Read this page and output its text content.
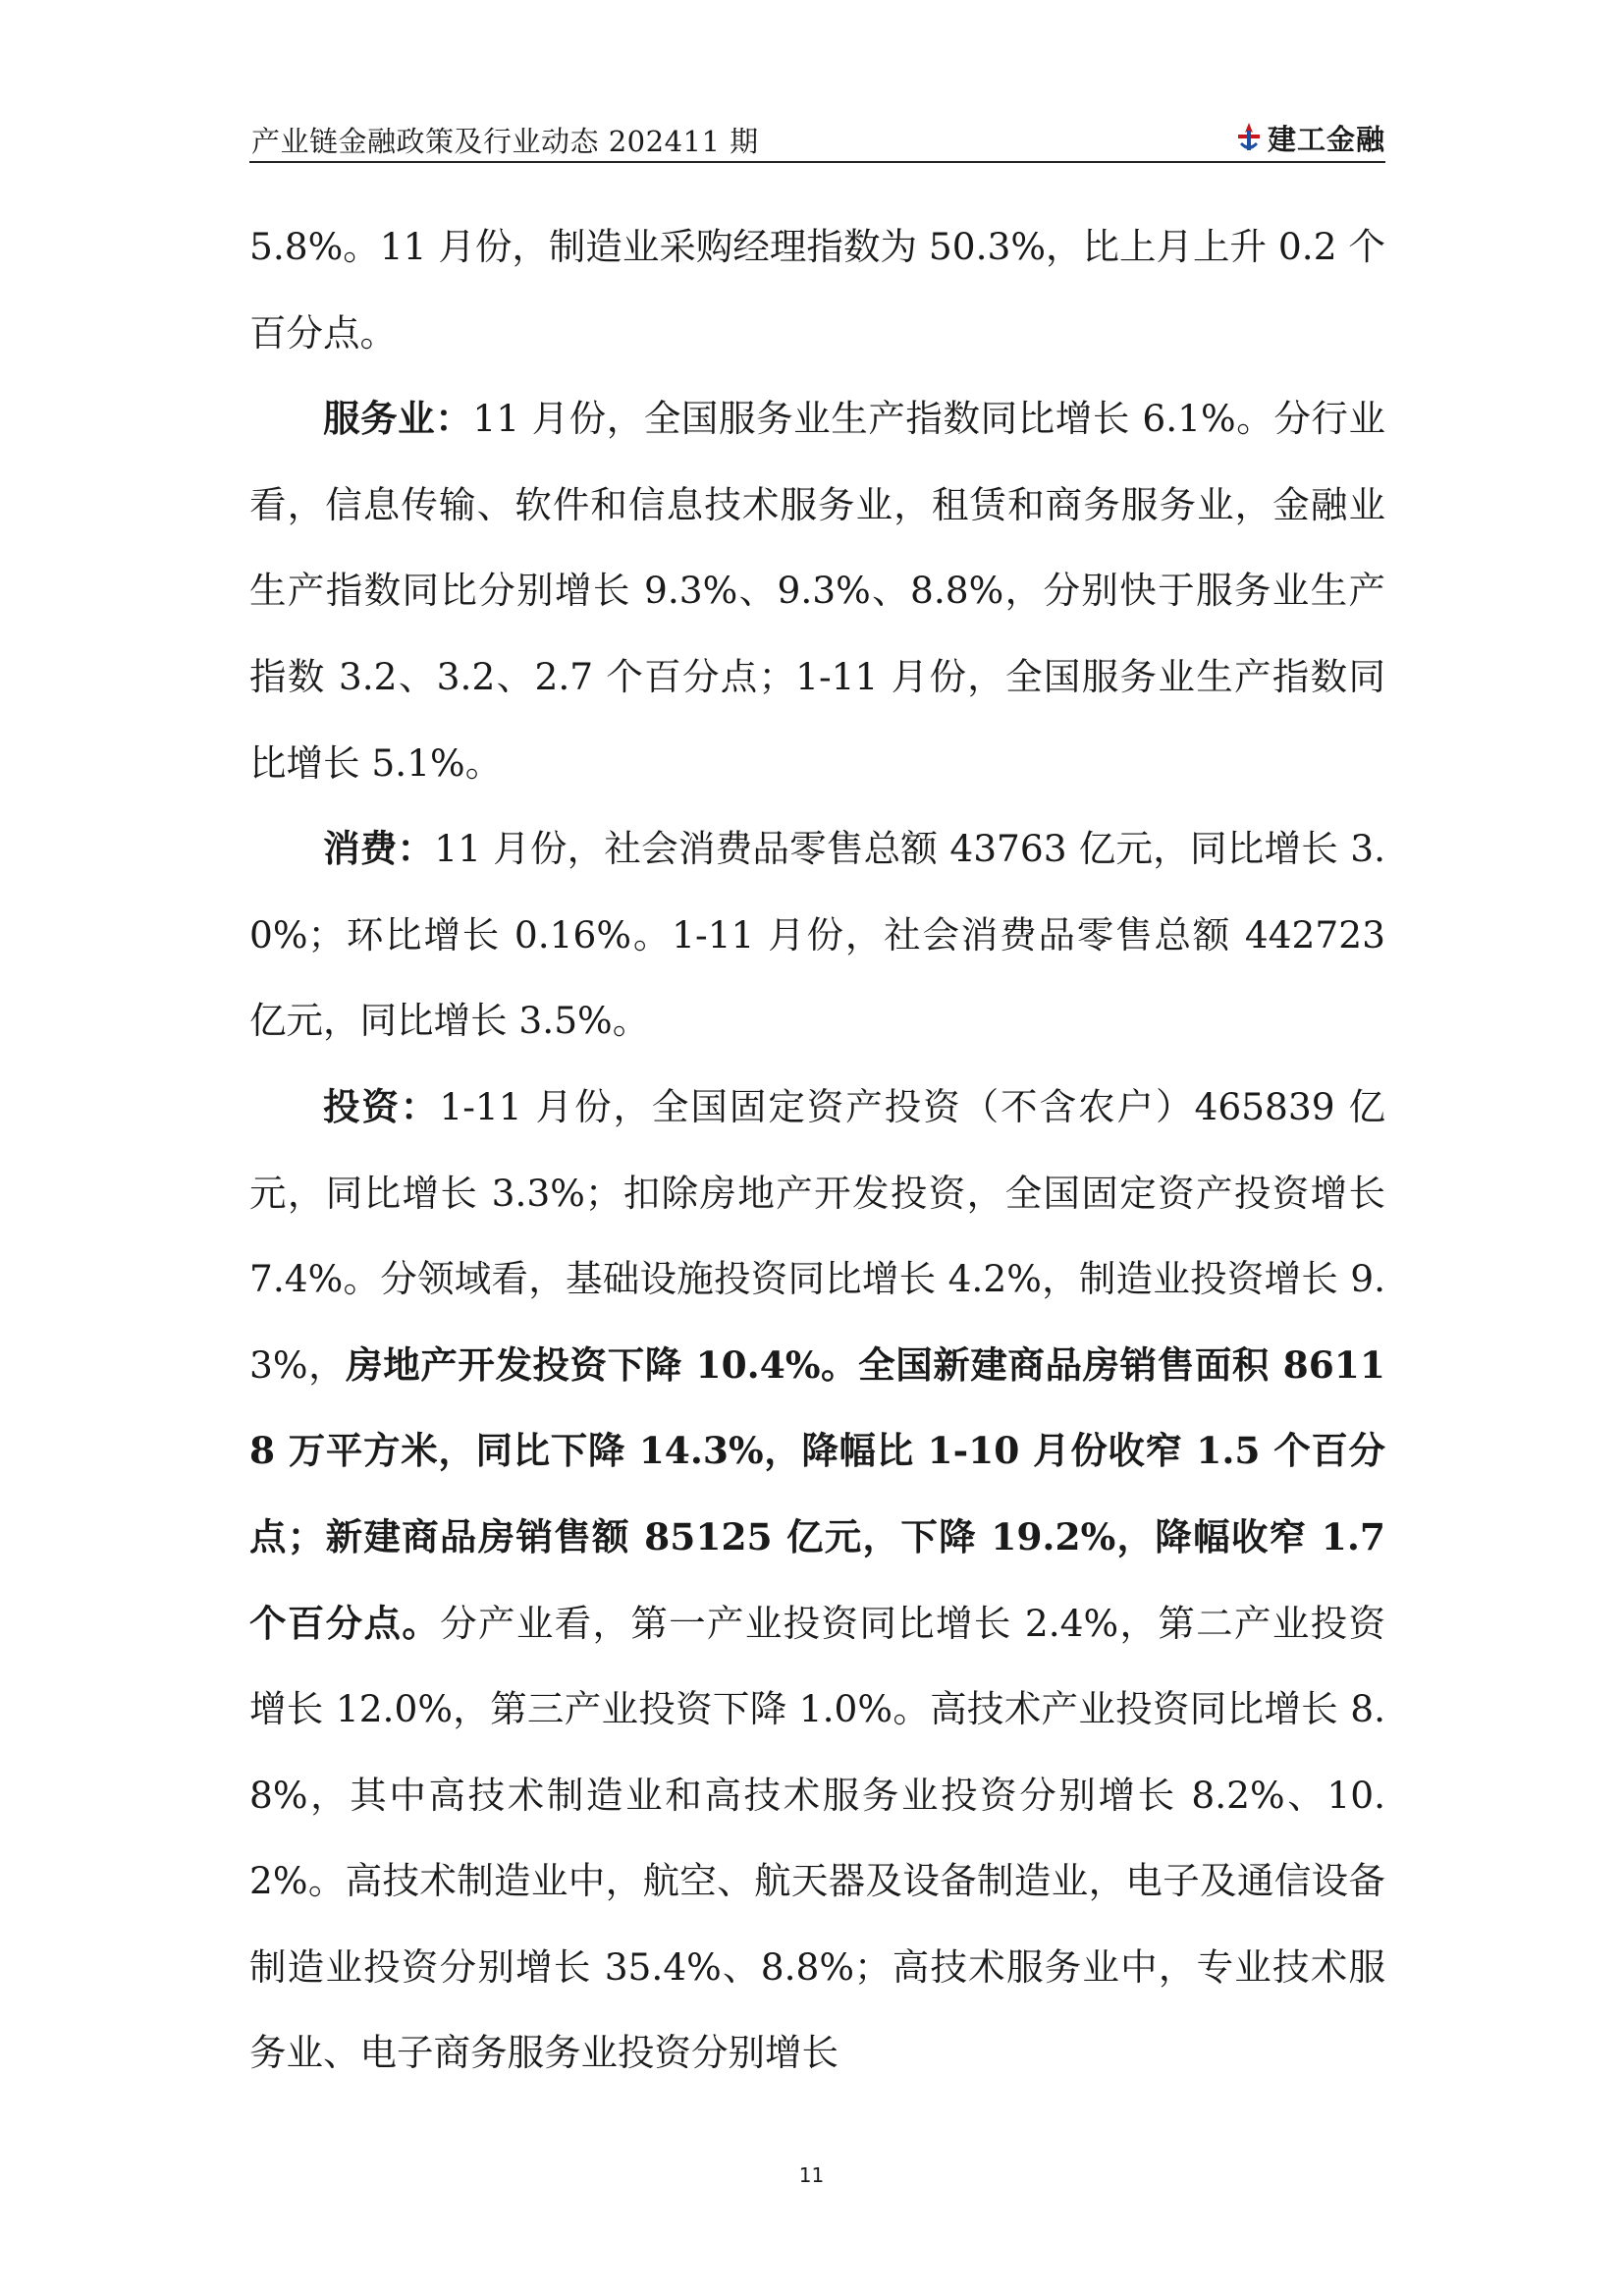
产业链金融政策及行业动态 202411 期	建工金融

5.8%。11 月份，制造业采购经理指数为 50.3%，比上月上升 0.2 个百分点。

服务业：11 月份，全国服务业生产指数同比增长 6.1%。分行业看，信息传输、软件和信息技术服务业，租赁和商务服务业，金融业生产指数同比分别增长 9.3%、9.3%、8.8%，分别快于服务业生产指数 3.2、3.2、2.7 个百分点；1-11 月份，全国服务业生产指数同比增长 5.1%。

消费：11 月份，社会消费品零售总额 43763 亿元，同比增长 3.0%；环比增长 0.16%。1-11 月份，社会消费品零售总额 442723 亿元，同比增长 3.5%。

投资：1-11 月份，全国固定资产投资（不含农户）465839 亿元，同比增长 3.3%；扣除房地产开发投资，全国固定资产投资增长 7.4%。分领域看，基础设施投资同比增长 4.2%，制造业投资增长 9.3%，房地产开发投资下降 10.4%。全国新建商品房销售面积 86118 万平方米，同比下降 14.3%，降幅比 1-10 月份收窄 1.5 个百分点；新建商品房销售额 85125 亿元，下降 19.2%，降幅收窄 1.7 个百分点。分产业看，第一产业投资同比增长 2.4%，第二产业投资增长 12.0%，第三产业投资下降 1.0%。高技术产业投资同比增长 8.8%，其中高技术制造业和高技术服务业投资分别增长 8.2%、10.2%。高技术制造业中，航空、航天器及设备制造业，电子及通信设备制造业投资分别增长 35.4%、8.8%；高技术服务业中，专业技术服务业、电子商务服务业投资分别增长

11
